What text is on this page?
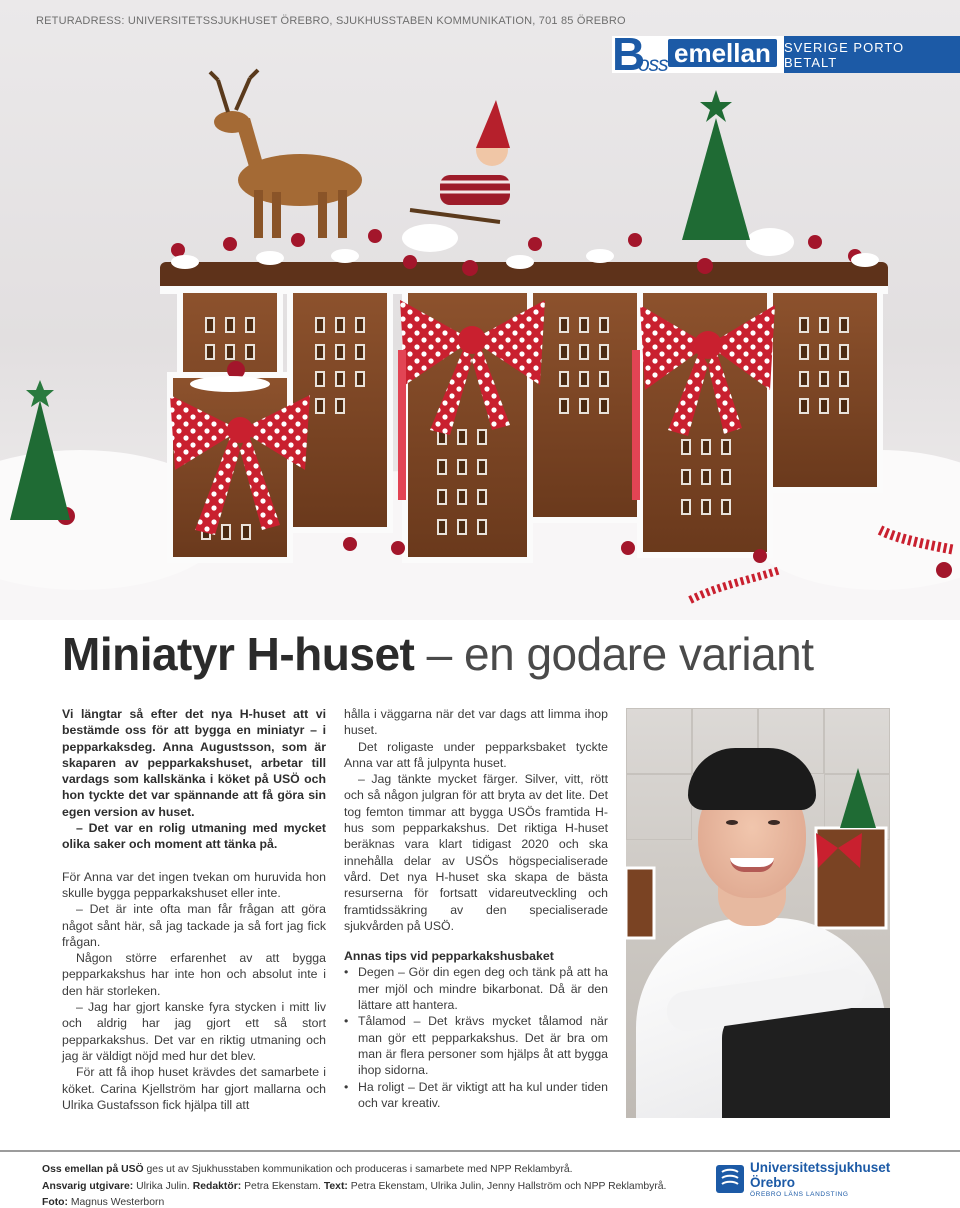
RETURADRESS: UNIVERSITETSSJUKHUSET ÖREBRO, SJUKHUSSTABEN KOMMUNIKATION, 701 85 ÖREBRO
B
oss emellan	SVERIGE PORTO BETALT
Miniatyr H-huset – en godare variant

Vi längtar så efter det nya H-huset att vi bestämde oss för att bygga en miniatyr – i pepparkaksdeg. Anna Augustsson, som är skaparen av pepparkakshuset, arbetar till vardags som kallskänka i köket på USÖ och hon tyckte det var spännande att få göra sin egen version av huset.

– Det var en rolig utmaning med mycket olika saker och moment att tänka på.

För Anna var det ingen tvekan om huruvida hon skulle bygga pepparkakshuset eller inte.

– Det är inte ofta man får frågan att göra något sånt här, så jag tackade ja så fort jag fick frågan.

Någon större erfarenhet av att bygga pepparkakshus har inte hon och absolut inte i den här storleken.

– Jag har gjort kanske fyra stycken i mitt liv och aldrig har jag gjort ett så stort pepparkakshus. Det var en riktig utmaning och jag är väldigt nöjd med hur det blev.

För att få ihop huset krävdes det samarbete i köket. Carina Kjellström har gjort mallarna och Ulrika Gustafsson fick hjälpa till att

hålla i väggarna när det var dags att limma ihop huset.

Det roligaste under pepparksbaket tyckte Anna var att få julpynta huset.

– Jag tänkte mycket färger. Silver, vitt, rött och så någon julgran för att bryta av det lite. Det tog femton timmar att bygga USÖs framtida H-hus som pepparkakshus. Det riktiga H-huset beräknas vara klart tidigast 2020 och ska innehålla delar av USÖs högspecialiserade vård. Det nya H-huset ska skapa de bästa resurserna för fortsatt vidareutveckling och framtidssäkring av den specialiserade sjukvården på USÖ.

Annas tips vid pepparkakshusbaket
• Degen – Gör din egen deg och tänk på att ha mer mjöl och mindre bikarbonat. Då är den lättare att hantera.
• Tålamod – Det krävs mycket tålamod när man gör ett pepparkakshus. Det är bra om man är flera personer som hjälps åt att bygga ihop sidorna.
• Ha roligt – Det är viktigt att ha kul under tiden och var kreativ.
Oss emellan på USÖ ges ut av Sjukhusstaben kommunikation och produceras i samarbete med NPP Reklambyrå.
Ansvarig utgivare: Ulrika Julin. Redaktör: Petra Ekenstam. Text: Petra Ekenstam, Ulrika Julin, Jenny Hallström och NPP Reklambyrå.
Foto: Magnus Westerborn
Universitetssjukhuset Örebro
ÖREBRO LÄNS LANDSTING
